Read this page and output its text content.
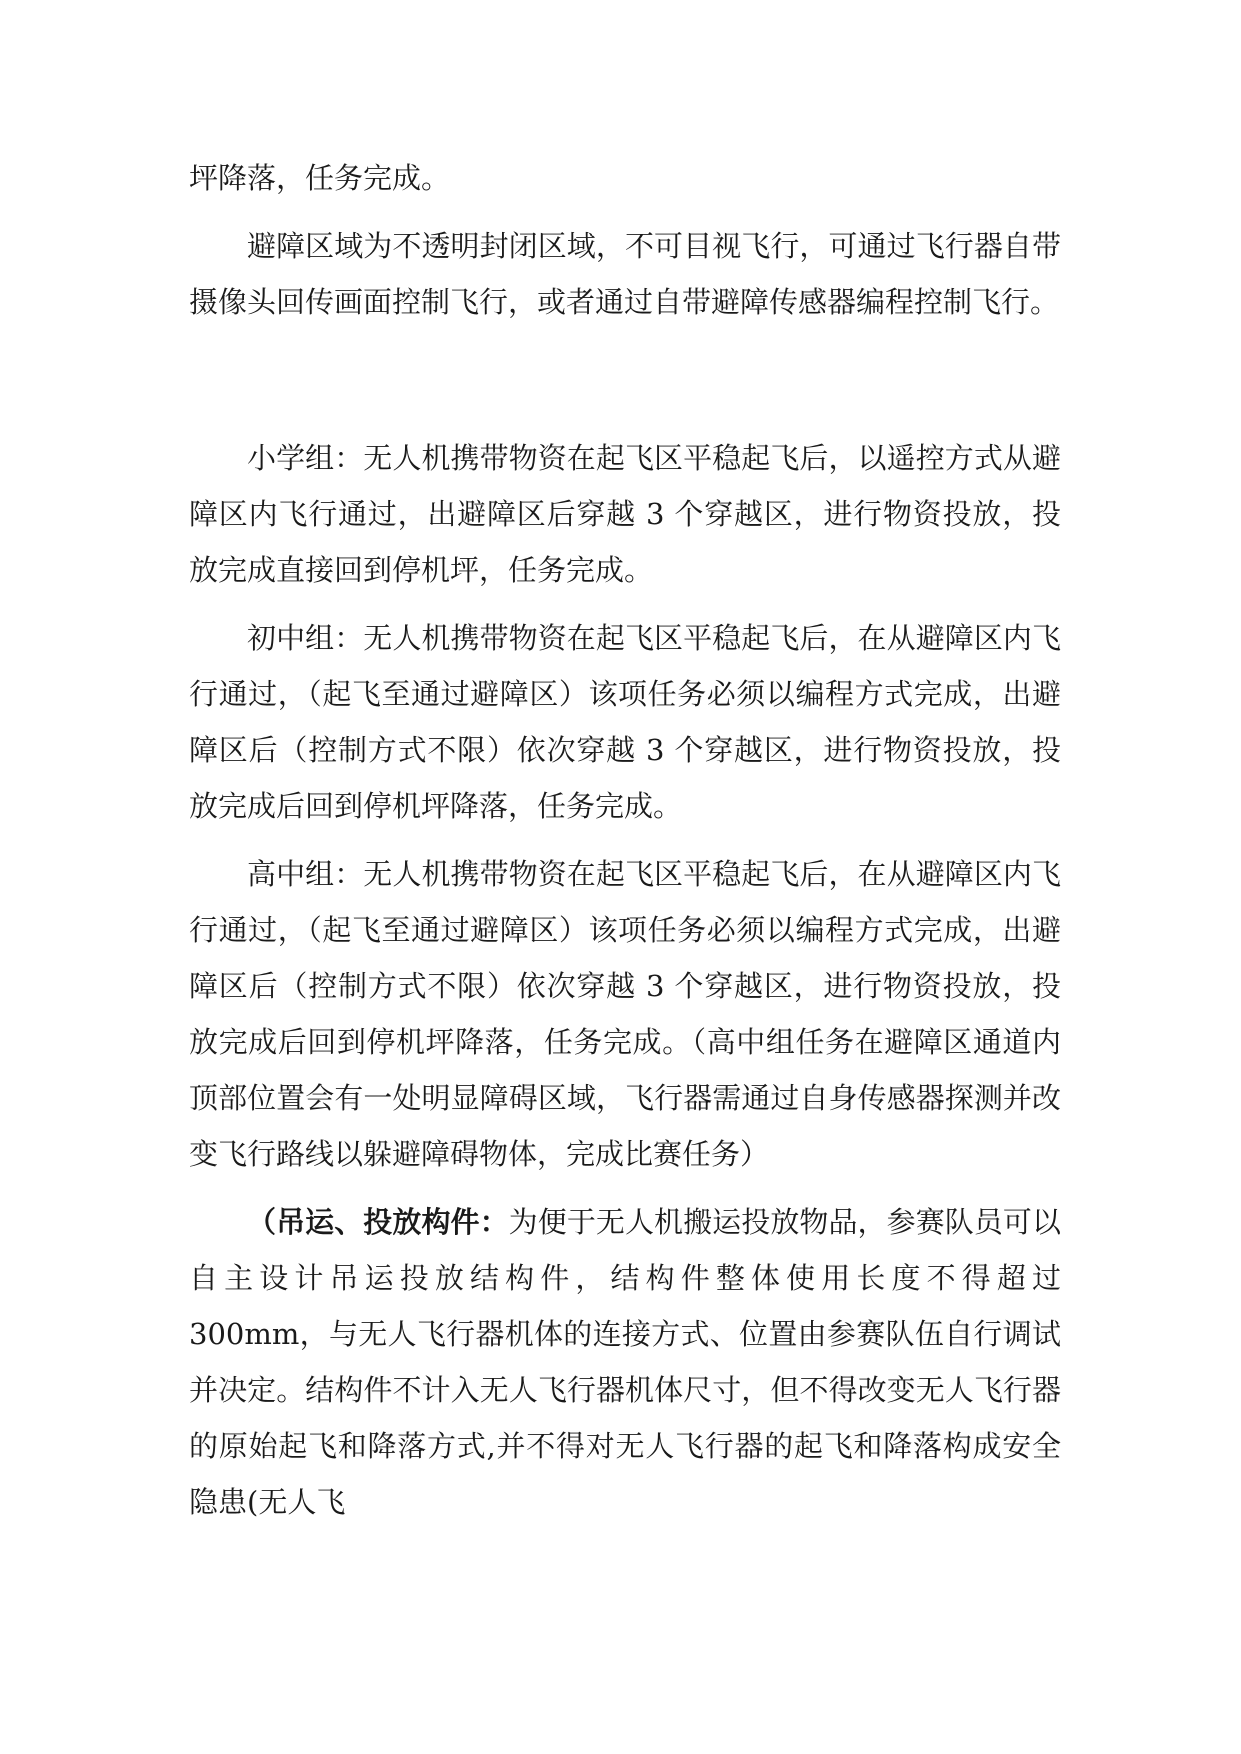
坪降落，任务完成。

避障区域为不透明封闭区域，不可目视飞行，可通过飞行器自带摄像头回传画面控制飞行，或者通过自带避障传感器编程控制飞行。

小学组：无人机携带物资在起飞区平稳起飞后，以遥控方式从避障区内飞行通过，出避障区后穿越 3 个穿越区，进行物资投放，投放完成直接回到停机坪，任务完成。

初中组：无人机携带物资在起飞区平稳起飞后，在从避障区内飞行通过，（起飞至通过避障区）该项任务必须以编程方式完成，出避障区后（控制方式不限）依次穿越 3 个穿越区，进行物资投放，投放完成后回到停机坪降落，任务完成。

高中组：无人机携带物资在起飞区平稳起飞后，在从避障区内飞行通过，（起飞至通过避障区）该项任务必须以编程方式完成，出避障区后（控制方式不限）依次穿越 3 个穿越区，进行物资投放，投放完成后回到停机坪降落，任务完成。（高中组任务在避障区通道内顶部位置会有一处明显障碍区域，飞行器需通过自身传感器探测并改变飞行路线以躲避障碍物体，完成比赛任务）

（吊运、投放构件：为便于无人机搬运投放物品，参赛队员可以自主设计吊运投放结构件，结构件整体使用长度不得超过 300mm，与无人飞行器机体的连接方式、位置由参赛队伍自行调试并决定。结构件不计入无人飞行器机体尺寸，但不得改变无人飞行器的原始起飞和降落方式,并不得对无人飞行器的起飞和降落构成安全隐患(无人飞
